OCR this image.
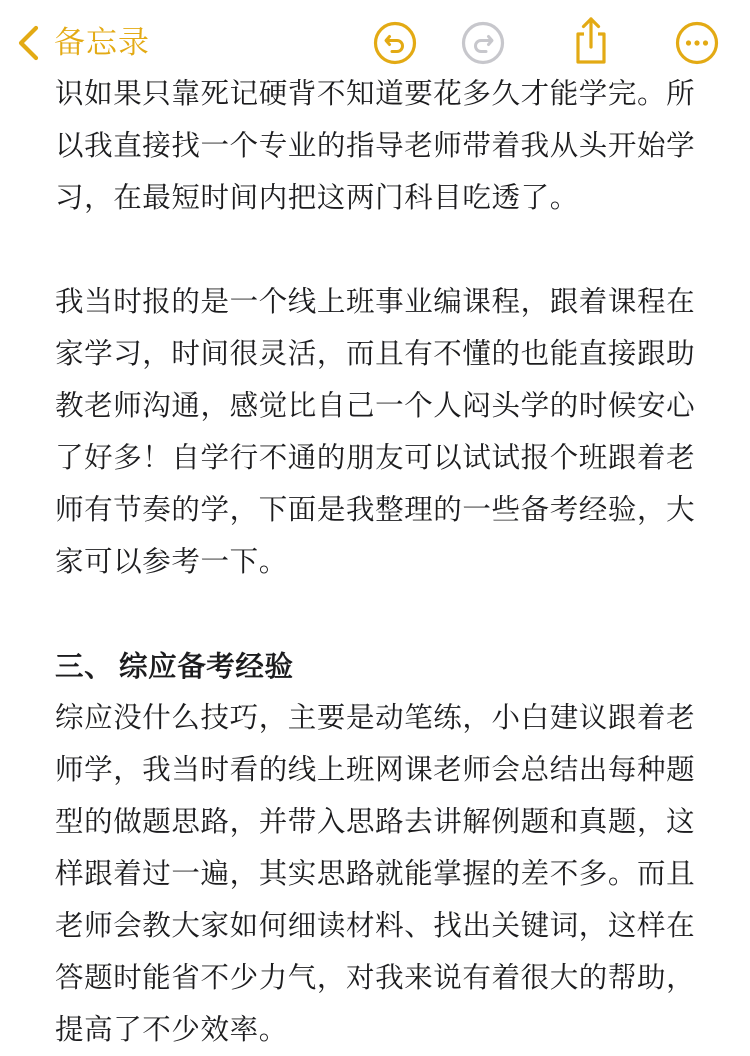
备忘录

识如果只靠死记硬背不知道要花多久才能学完。所以我直接找一个专业的指导老师带着我从头开始学习，在最短时间内把这两门科目吃透了。

我当时报的是一个线上班事业编课程，跟着课程在家学习，时间很灵活，而且有不懂的也能直接跟助教老师沟通，感觉比自己一个人闷头学的时候安心了好多！自学行不通的朋友可以试试报个班跟着老师有节奏的学，下面是我整理的一些备考经验，大家可以参考一下。

三、 综应备考经验

综应没什么技巧，主要是动笔练，小白建议跟着老师学，我当时看的线上班网课老师会总结出每种题型的做题思路，并带入思路去讲解例题和真题，这样跟着过一遍，其实思路就能掌握的差不多。而且老师会教大家如何细读材料、找出关键词，这样在答题时能省不少力气，对我来说有着很大的帮助，提高了不少效率。
